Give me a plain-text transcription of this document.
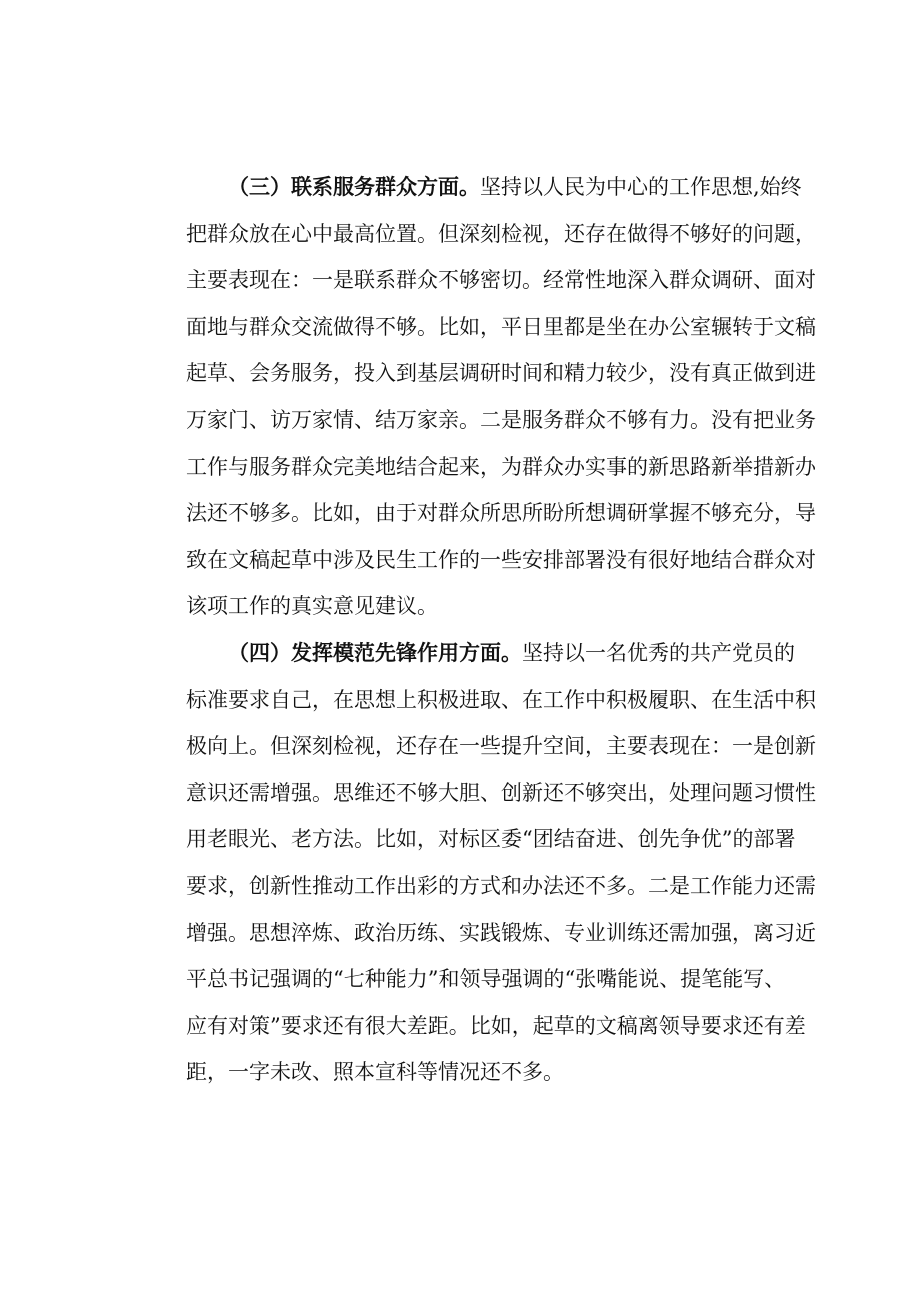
（三）联系服务群众方面。坚持以人民为中心的工作思想,始终
把群众放在心中最高位置。但深刻检视，还存在做得不够好的问题，
主要表现在：一是联系群众不够密切。经常性地深入群众调研、面对
面地与群众交流做得不够。比如，平日里都是坐在办公室辗转于文稿
起草、会务服务，投入到基层调研时间和精力较少，没有真正做到进
万家门、访万家情、结万家亲。二是服务群众不够有力。没有把业务
工作与服务群众完美地结合起来，为群众办实事的新思路新举措新办
法还不够多。比如，由于对群众所思所盼所想调研掌握不够充分，导
致在文稿起草中涉及民生工作的一些安排部署没有很好地结合群众对
该项工作的真实意见建议。
（四）发挥模范先锋作用方面。坚持以一名优秀的共产党员的
标准要求自己，在思想上积极进取、在工作中积极履职、在生活中积
极向上。但深刻检视，还存在一些提升空间，主要表现在：一是创新
意识还需增强。思维还不够大胆、创新还不够突出，处理问题习惯性
用老眼光、老方法。比如，对标区委“团结奋进、创先争优”的部署
要求，创新性推动工作出彩的方式和办法还不多。二是工作能力还需
增强。思想淬炼、政治历练、实践锻炼、专业训练还需加强，离习近
平总书记强调的“七种能力”和领导强调的“张嘴能说、提笔能写、
应有对策”要求还有很大差距。比如，起草的文稿离领导要求还有差
距，一字未改、照本宣科等情况还不多。
